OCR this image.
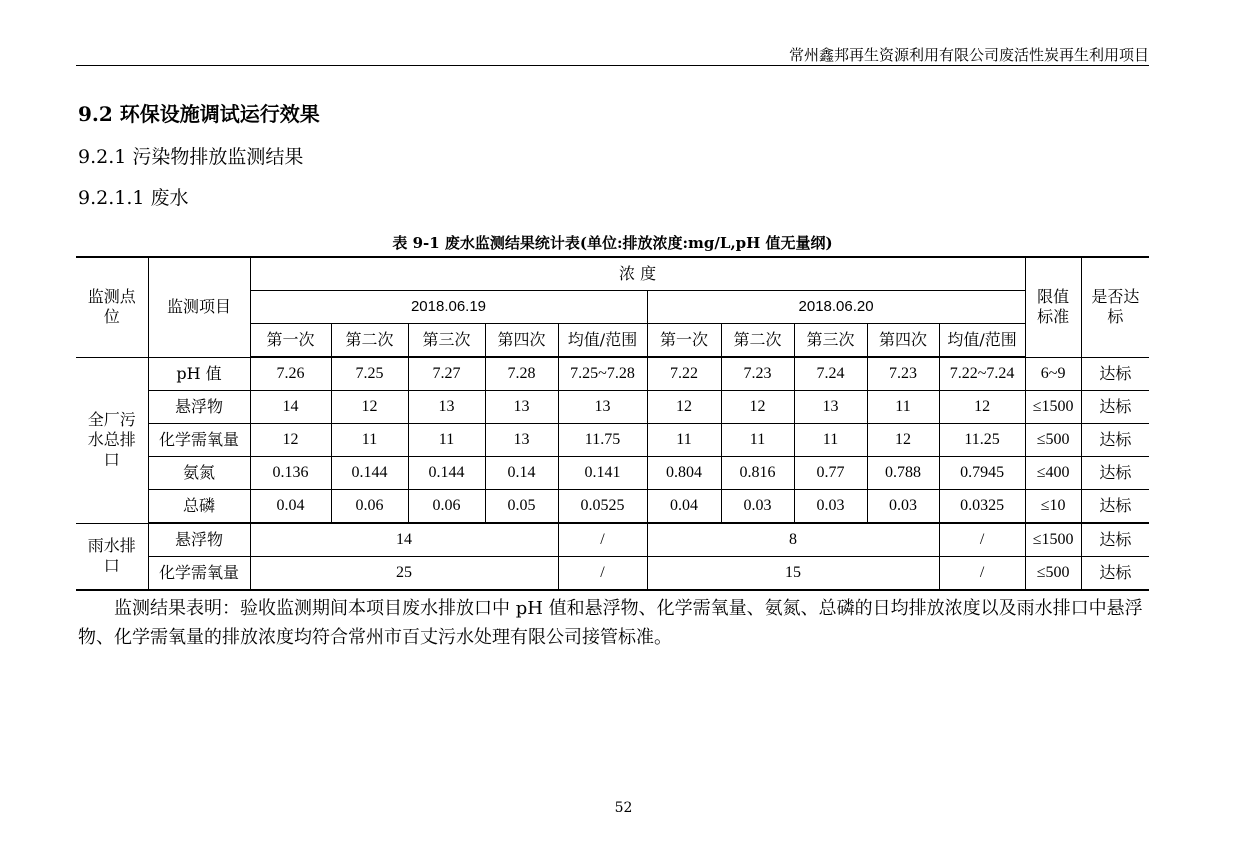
常州鑫邦再生资源利用有限公司废活性炭再生利用项目
9.2 环保设施调试运行效果
9.2.1 污染物排放监测结果
9.2.1.1 废水
表 9-1 废水监测结果统计表(单位:排放浓度:mg/L,pH 值无量纲)
监测点位	监测项目	浓 度										限值标准	是否达标
		2018.06.19					2018.06.20						
		第一次	第二次	第三次	第四次	均值/范围	第一次	第二次	第三次	第四次	均值/范围		
全厂污水总排口	pH 值	7.26	7.25	7.27	7.28	7.25~7.28	7.22	7.23	7.24	7.23	7.22~7.24	6~9	达标
	悬浮物	14	12	13	13	13	12	12	13	11	12	≤1500	达标
	化学需氧量	12	11	11	13	11.75	11	11	11	12	11.25	≤500	达标
	氨氮	0.136	0.144	0.144	0.14	0.141	0.804	0.816	0.77	0.788	0.7945	≤400	达标
	总磷	0.04	0.06	0.06	0.05	0.0525	0.04	0.03	0.03	0.03	0.0325	≤10	达标
雨水排口	悬浮物	14				/	8				/	≤1500	达标
	化学需氧量	25				/	15				/	≤500	达标
监测结果表明：验收监测期间本项目废水排放口中 pH 值和悬浮物、化学需氧量、氨氮、总磷的日均排放浓度以及雨水排口中悬浮物、化学需氧量的排放浓度均符合常州市百丈污水处理有限公司接管标准。
52
